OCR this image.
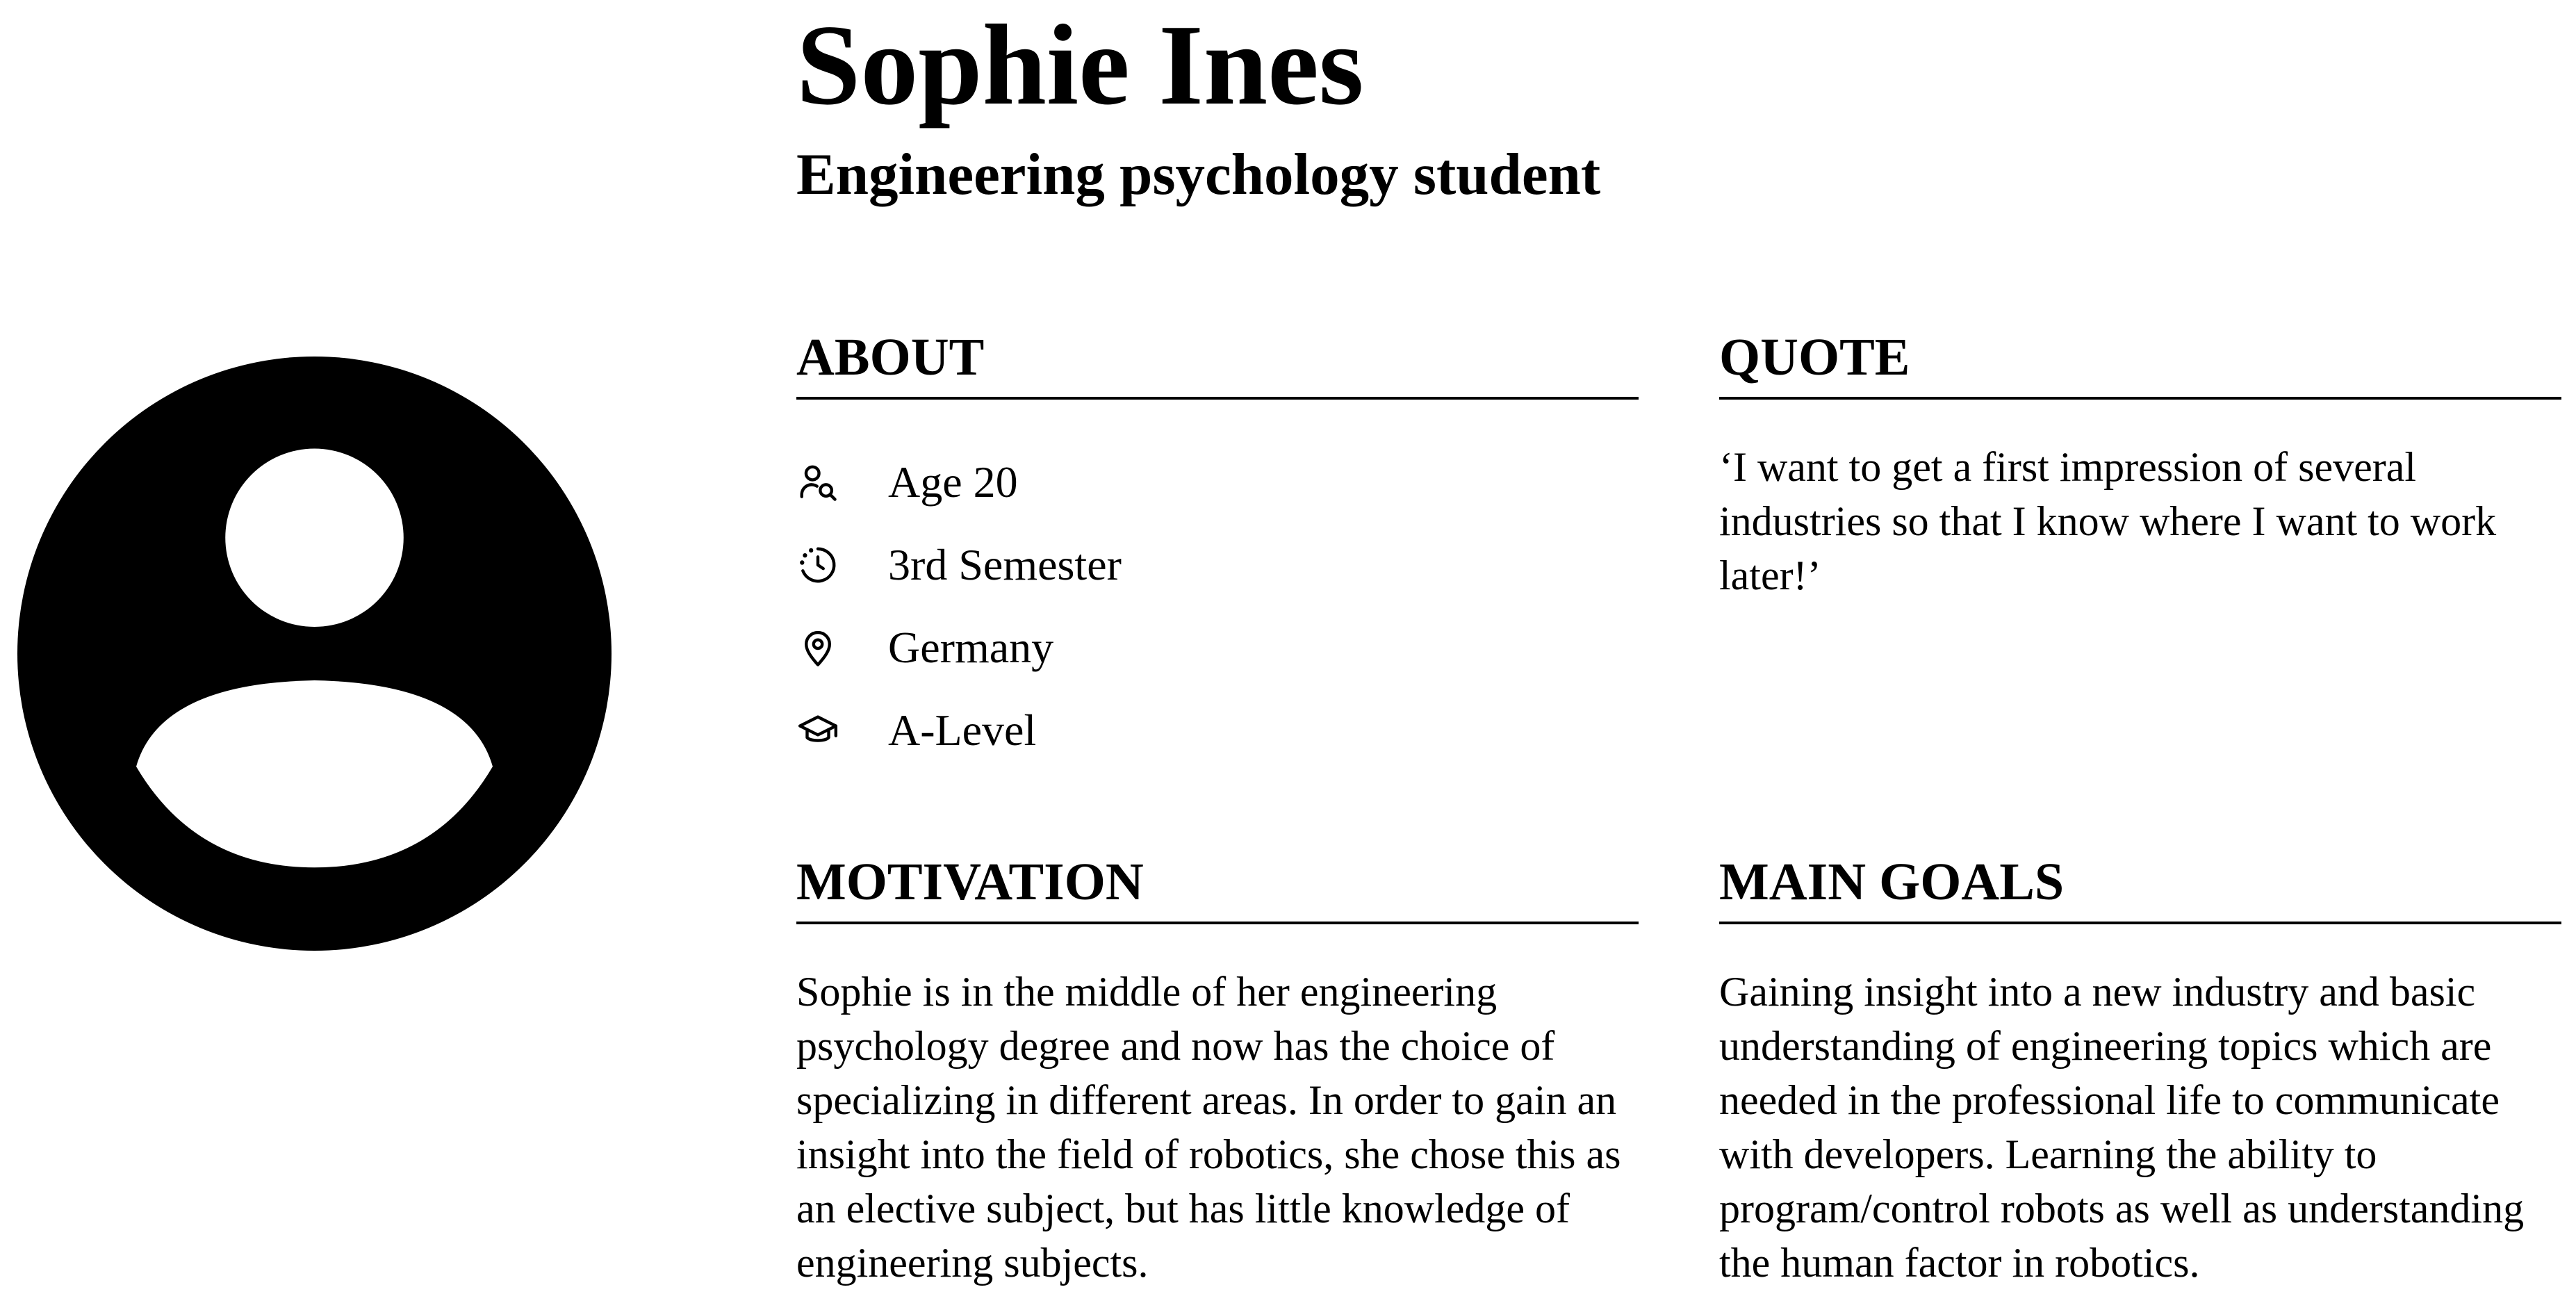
Sophie Ines
Engineering psychology student
ABOUT
Age 20
3rd Semester
Germany
A-Level
QUOTE

‘I want to get a first impression of several industries so that I know where I want to work later!’

MOTIVATION

Sophie is in the middle of her engineering psychology degree and now has the choice of specializing in different areas. In order to gain an insight into the field of robotics, she chose this as an elective subject, but has little knowledge of engineering subjects.

MAIN GOALS

Gaining insight into a new industry and basic understanding of engineering topics which are needed in the professional life to communicate with developers. Learning the ability to program/control robots as well as understanding the human factor in robotics.
